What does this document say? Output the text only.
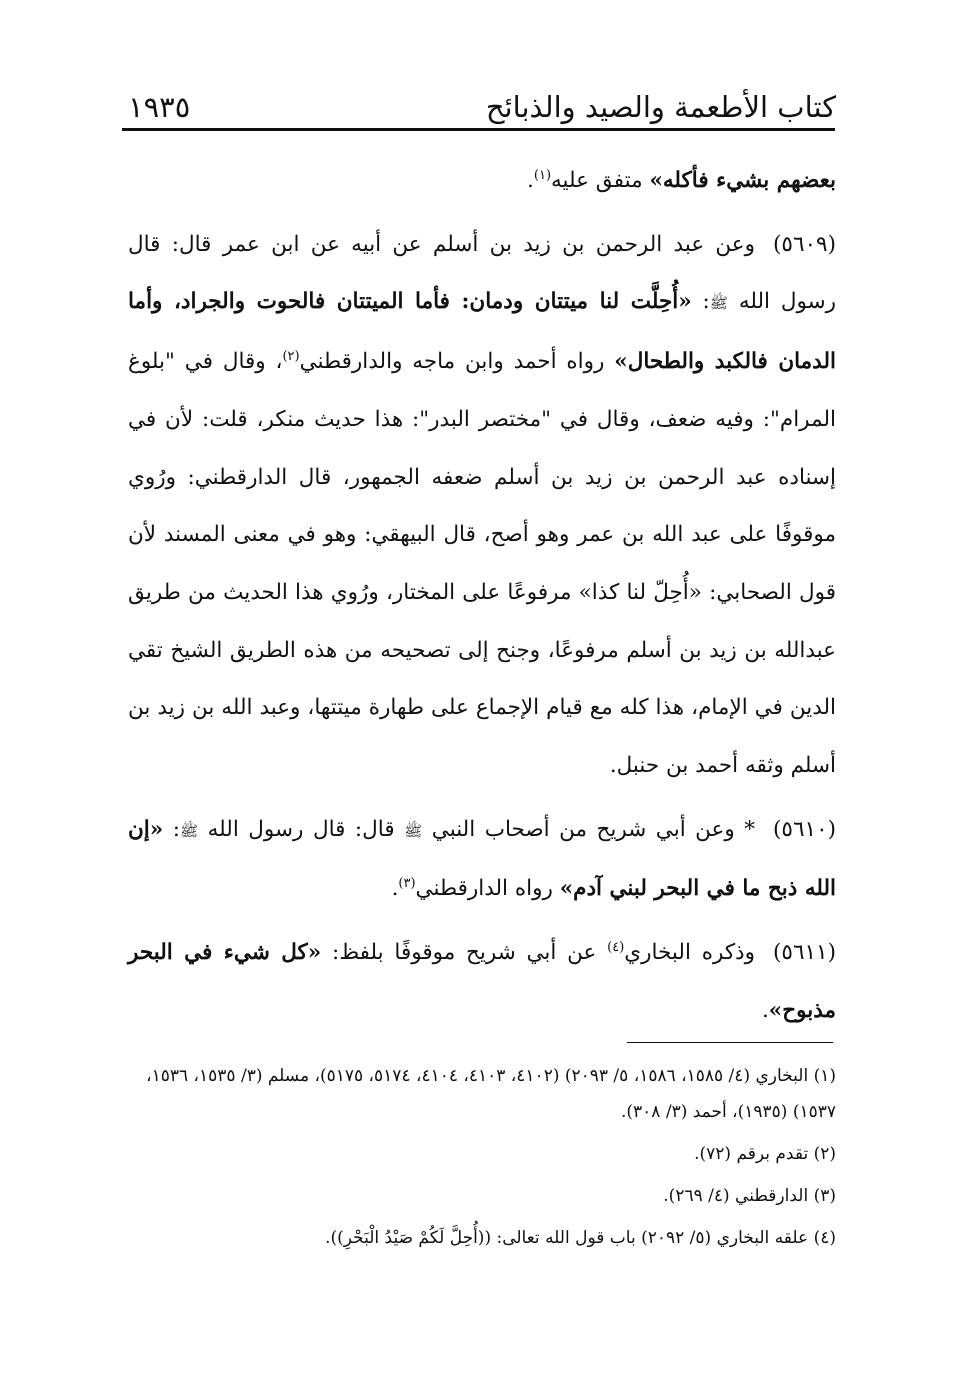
كتاب الأطعمة والصيد والذبائح
١٩٣٥

بعضهم بشيء فأكله» متفق عليه$^{(١)}$.

(٥٦٠٩)وعن عبد الرحمن بن زيد بن أسلم عن أبيه عن ابن عمر قال: قال رسول الله ﷺ: «أُحِلَّت لنا ميتتان ودمان: فأما الميتتان فالحوت والجراد، وأما الدمان فالكبد والطحال» رواه أحمد وابن ماجه والدارقطني$^{(٢)}$، وقال في "بلوغ المرام": وفيه ضعف، وقال في "مختصر البدر": هذا حديث منكر، قلت: لأن في إسناده عبد الرحمن بن زيد بن أسلم ضعفه الجمهور، قال الدارقطني: ورُوي موقوفًا على عبد الله بن عمر وهو أصح، قال البيهقي: وهو في معنى المسند لأن قول الصحابي: «أُحِلّ لنا كذا» مرفوعًا على المختار، ورُوي هذا الحديث من طريق عبدالله بن زيد بن أسلم مرفوعًا، وجنح إلى تصحيحه من هذه الطريق الشيخ تقي الدين في الإمام، هذا كله مع قيام الإجماع على طهارة ميتتها، وعبد الله بن زيد بن أسلم وثقه أحمد بن حنبل.

(٥٦١٠)* وعن أبي شريح من أصحاب النبي ﷺ قال: قال رسول الله ﷺ: «إن الله ذبح ما في البحر لبني آدم» رواه الدارقطني$^{(٣)}$.

(٥٦١١)وذكره البخاري$^{(٤)}$ عن أبي شريح موقوفًا بلفظ: «كل شيء في البحر مذبوح».

(١) البخاري (٤/ ١٥٨٥، ١٥٨٦، ٥/ ٢٠٩٣) (٤١٠٢، ٤١٠٣، ٤١٠٤، ٥١٧٤، ٥١٧٥)، مسلم (٣/ ١٥٣٥، ١٥٣٦، ١٥٣٧) (١٩٣٥)، أحمد (٣/ ٣٠٨).

(٢) تقدم برقم (٧٢).

(٣) الدارقطني (٤/ ٢٦٩).

(٤) علقه البخاري (٥/ ٢٠٩٢) باب قول الله تعالى: ((أُحِلَّ لَكُمْ صَيْدُ الْبَحْرِ)).
